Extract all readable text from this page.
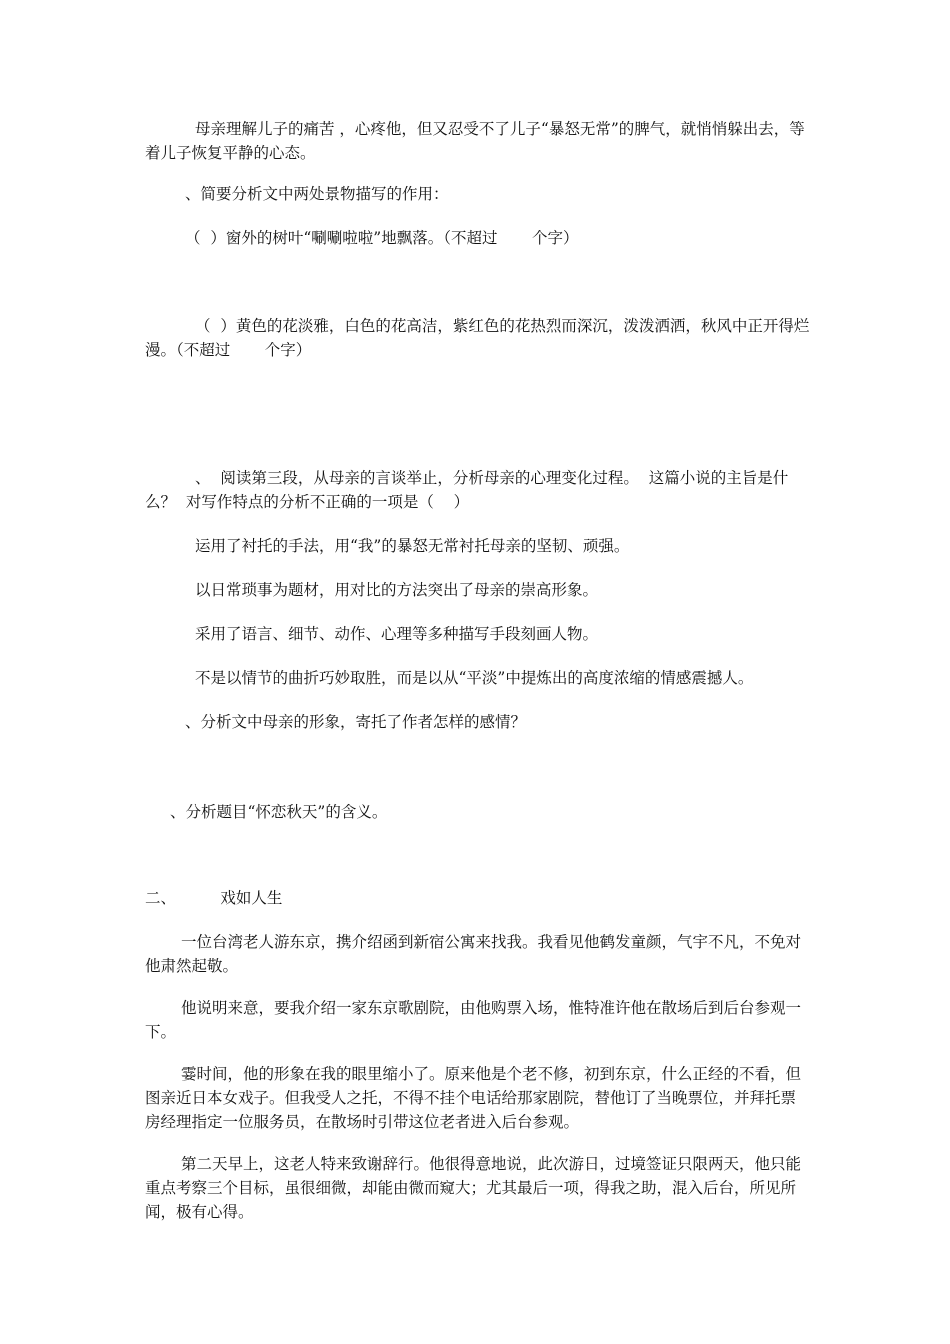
母亲理解儿子的痛苦 ，心疼他，但又忍受不了儿子“暴怒无常”的脾气，就悄悄躲出去，等着儿子恢复平静的心态。

、简要分析文中两处景物描写的作用：

（  ）窗外的树叶“唰唰啦啦”地飘落。（不超过       个字）

（  ）黄色的花淡雅，白色的花高洁，紫红色的花热烈而深沉，泼泼洒洒，秋风中正开得烂漫。（不超过       个字）

、  阅读第三段，从母亲的言谈举止，分析母亲的心理变化过程。  这篇小说的主旨是什么？  对写作特点的分析不正确的一项是（    ）

运用了衬托的手法，用“我”的暴怒无常衬托母亲的坚韧、顽强。

以日常琐事为题材，用对比的方法突出了母亲的崇高形象。

采用了语言、细节、动作、心理等多种描写手段刻画人物。

不是以情节的曲折巧妙取胜，而是以从“平淡”中提炼出的高度浓缩的情感震撼人。

、分析文中母亲的形象，寄托了作者怎样的感情？

、分析题目“怀恋秋天”的含义。

二、         戏如人生

一位台湾老人游东京，携介绍函到新宿公寓来找我。我看见他鹤发童颜，气宇不凡，不免对他肃然起敬。

他说明来意，要我介绍一家东京歌剧院，由他购票入场，惟特准许他在散场后到后台参观一下。

霎时间，他的形象在我的眼里缩小了。原来他是个老不修，初到东京，什么正经的不看，但图亲近日本女戏子。但我受人之托，不得不挂个电话给那家剧院，替他订了当晚票位，并拜托票房经理指定一位服务员，在散场时引带这位老者进入后台参观。

第二天早上，这老人特来致谢辞行。他很得意地说，此次游日，过境签证只限两天，他只能重点考察三个目标，虽很细微，却能由微而窥大；尤其最后一项，得我之助，混入后台，所见所闻，极有心得。
